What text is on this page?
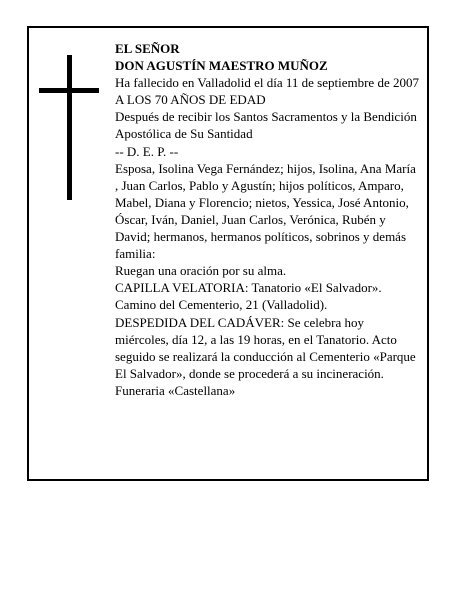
EL SEÑOR

DON AGUSTÍN MAESTRO MUÑOZ

Ha fallecido en Valladolid el día 11 de septiembre de 2007

A LOS 70 AÑOS DE EDAD

Después de recibir los Santos Sacramentos y la Bendición Apostólica de Su Santidad

-- D. E. P. --

Esposa, Isolina Vega Fernández; hijos, Isolina, Ana María , Juan Carlos, Pablo y Agustín; hijos políticos, Amparo, Mabel, Diana y Florencio; nietos, Yessica, José Antonio, Óscar, Iván, Daniel, Juan Carlos, Verónica, Rubén y David; hermanos, hermanos políticos, sobrinos y demás familia:

Ruegan una oración por su alma.

CAPILLA VELATORIA: Tanatorio «El Salvador». Camino del Cementerio, 21 (Valladolid).

DESPEDIDA DEL CADÁVER: Se celebra hoy miércoles, día 12, a las 19 horas, en el Tanatorio. Acto seguido se realizará la conducción al Cementerio «Parque El Salvador», donde se procederá a su incineración.

Funeraria «Castellana»
